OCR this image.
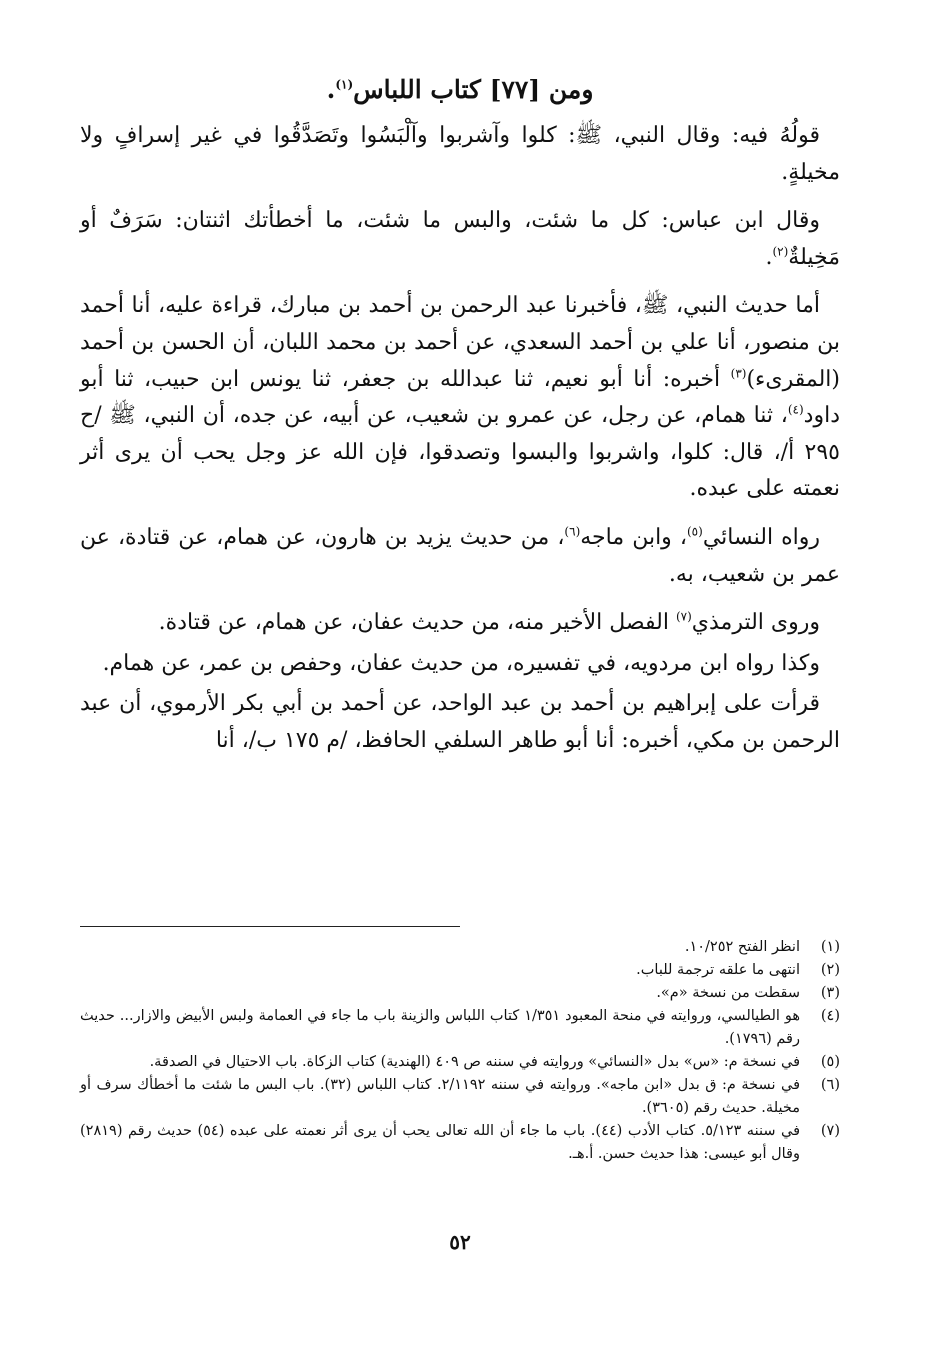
ومن [٧٧] كتاب اللباس$^{(١)}$.

قولُهُ فيه: وقال النبي، ﷺ: كلوا وآشربوا وآلْبَسُوا وتَصَدَّقُوا في غير إسرافٍ ولا مخيلةٍ.

وقال ابن عباس: كل ما شئت، والبس ما شئت، ما أخطأتك اثنتان: سَرَفٌ أو مَخِيلةٌ$^{(٢)}$.

أما حديث النبي، ﷺ، فأخبرنا عبد الرحمن بن أحمد بن مبارك، قراءة عليه، أنا أحمد بن منصور، أنا علي بن أحمد السعدي، عن أحمد بن محمد اللبان، أن الحسن بن أحمد (المقرىء)$^{(٣)}$ أخبره: أنا أبو نعيم، ثنا عبدالله بن جعفر، ثنا يونس ابن حبيب، ثنا أبو داود$^{(٤)}$، ثنا همام، عن رجل، عن عمرو بن شعيب، عن أبيه، عن جده، أن النبي، ﷺ /ح ٢٩٥ أ/، قال: كلوا، واشربوا والبسوا وتصدقوا، فإن الله عز وجل يحب أن يرى أثر نعمته على عبده.

رواه النسائي$^{(٥)}$، وابن ماجه$^{(٦)}$، من حديث يزيد بن هارون، عن همام، عن قتادة، عن عمر بن شعيب، به.

وروى الترمذي$^{(٧)}$ الفصل الأخير منه، من حديث عفان، عن همام، عن قتادة.

وكذا رواه ابن مردويه، في تفسيره، من حديث عفان، وحفص بن عمر، عن همام.

قرأت على إبراهيم بن أحمد بن عبد الواحد، عن أحمد بن أبي بكر الأرموي، أن عبد الرحمن بن مكي، أخبره: أنا أبو طاهر السلفي الحافظ، /م ١٧٥ ب/، أنا

(١)
انظر الفتح ١٠/٢٥٢.
(٢)
انتهى ما علقه ترجمة للباب.
(٣)
سقطت من نسخة «م».
(٤)
هو الطيالسي، وروايته في منحة المعبود ١/٣٥١ كتاب اللباس والزينة باب ما جاء في العمامة ولبس الأبيض والازار... حديث رقم (١٧٩٦).
(٥)
في نسخة م: «س» بدل «النسائي» وروايته في سننه ص ٤٠٩ (الهندية) كتاب الزكاة. باب الاحتيال في الصدقة.
(٦)
في نسخة م: ق بدل «ابن ماجه». وروايته في سننه ٢/١١٩٢. كتاب اللباس (٣٢). باب البس ما شئت ما أخطأك سرف أو مخيلة. حديث رقم (٣٦٠٥).
(٧)
في سننه ٥/١٢٣. كتاب الأدب (٤٤). باب ما جاء أن الله تعالى يحب أن يرى أثر نعمته على عبده (٥٤) حديث رقم (٢٨١٩) وقال أبو عيسى: هذا حديث حسن. أ.هـ.
٥٢
